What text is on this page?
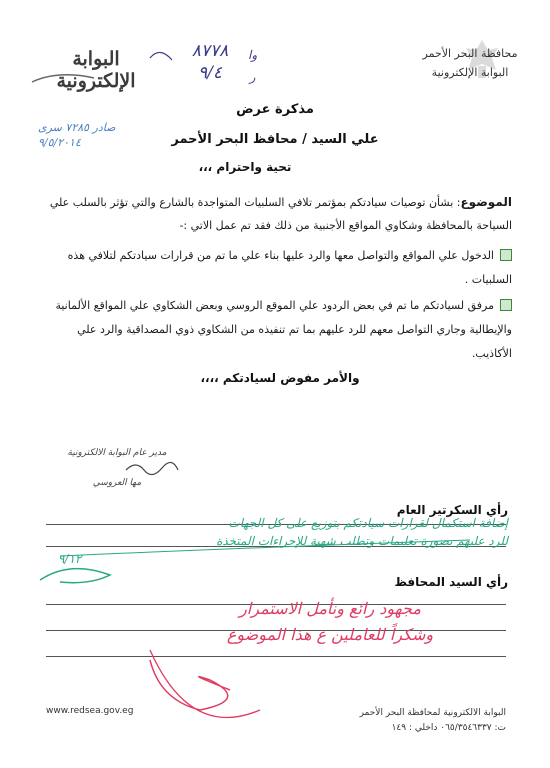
محافظة البحر الأحمر
البوابة الإلكترونية
البوابة الإلكترونية
٨٧٧٨
٩/٤
وا ر
صادر ٧٢٨٥ سرى
٩/٥/٢٠١٤
مذكرة عرض
علي السيد / محافظ البحر الأحمر
تحية واحترام ،،،
الموضوع: بشأن توصيات سيادتكم بمؤتمر تلافي السلبيات المتواجدة بالشارع والتي تؤثر بالسلب علي
السياحة بالمحافظة وشكاوي المواقع الأجنبية من ذلك فقد تم عمل الاتي :-
الدخول علي المواقع والتواصل معها والرد عليها بناء علي ما تم من قرارات سيادتكم لتلافي هذه السلبيات .
مرفق لسيادتكم ما تم في بعض الردود علي الموقع الروسي وبعض الشكاوي علي المواقع الألمانية والإيطالية وجاري التواصل معهم للرد عليهم بما تم تنفيذه من الشكاوي ذوي المصداقية والرد علي الأكاذيب.
والأمر مفوض لسيادتكم ،،،،
مدير عام البوابة الالكترونية
مها العروسي
رأي السكرتير العام
إضافة استكمال لقرارات سيادتكم بتوزيع على كل الجهات
للرد عليهم بصورة تعليمات وتطلب شهية للإجراءات المتخذة
٩/١٢
رأي السيد المحافظ
مجهود رائع ونأمل الاستمرار
وشكراً للعاملين ع هذا الموضوع
www.redsea.gov.eg	البوابة الالكترونية لمحافظة البحر الأحمر
ت: ٠٦٥/٣٥٤٦٣٣٧ داخلي : ١٤٩
